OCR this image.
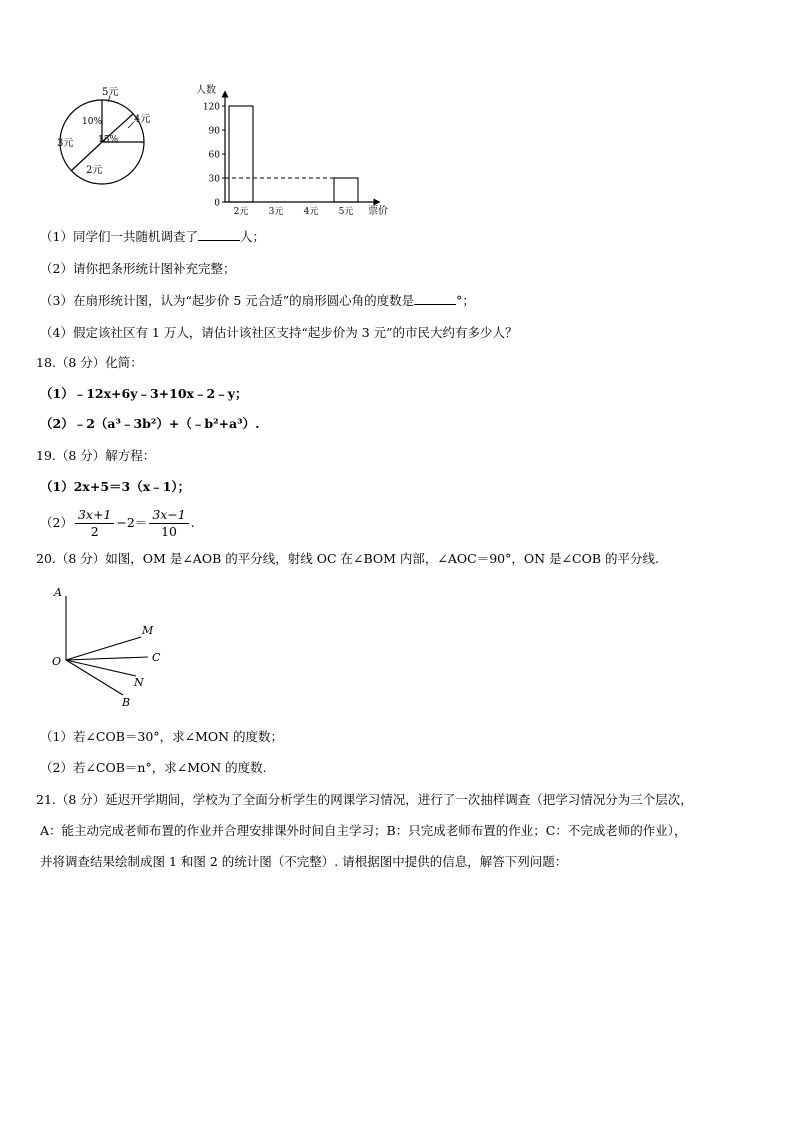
5元
4元
3元
2元
10%
15%
人数
票价
0
30
60
90
120
2元 3元 4元 5元
（1）同学们一共随机调查了	人；
（2）请你把条形统计图补充完整；
（3）在扇形统计图，认为“起步价 5 元合适”的扇形圆心角的度数是	°；
（4）假定该社区有 1 万人，请估计该社区支持“起步价为 3 元”的市民大约有多少人？
18.（8 分）化简：
（1）﹣12x+6y﹣3+10x﹣2﹣y；
（2）﹣2（a³﹣3b²）+（﹣b²+a³）.
19.（8 分）解方程：
（1）2x+5＝3（x﹣1）；
$(2) \frac{3x+1}{2} -2= \frac{3x-1}{10}$ .
20.（8 分）如图，OM 是∠AOB 的平分线，射线 OC 在∠BOM 内部，∠AOC＝90°，ON 是∠COB 的平分线.
A
M
C
O
N
B
（1）若∠COB＝30°，求∠MON 的度数；
（2）若∠COB＝n°，求∠MON 的度数.
21.（8 分）延迟开学期间，学校为了全面分析学生的网课学习情况，进行了一次抽样调查（把学习情况分为三个层次，
A：能主动完成老师布置的作业并合理安排课外时间自主学习；B：只完成老师布置的作业；C：不完成老师的作业），
并将调查结果绘制成图 1 和图 2 的统计图（不完整）. 请根据图中提供的信息，解答下列问题：
